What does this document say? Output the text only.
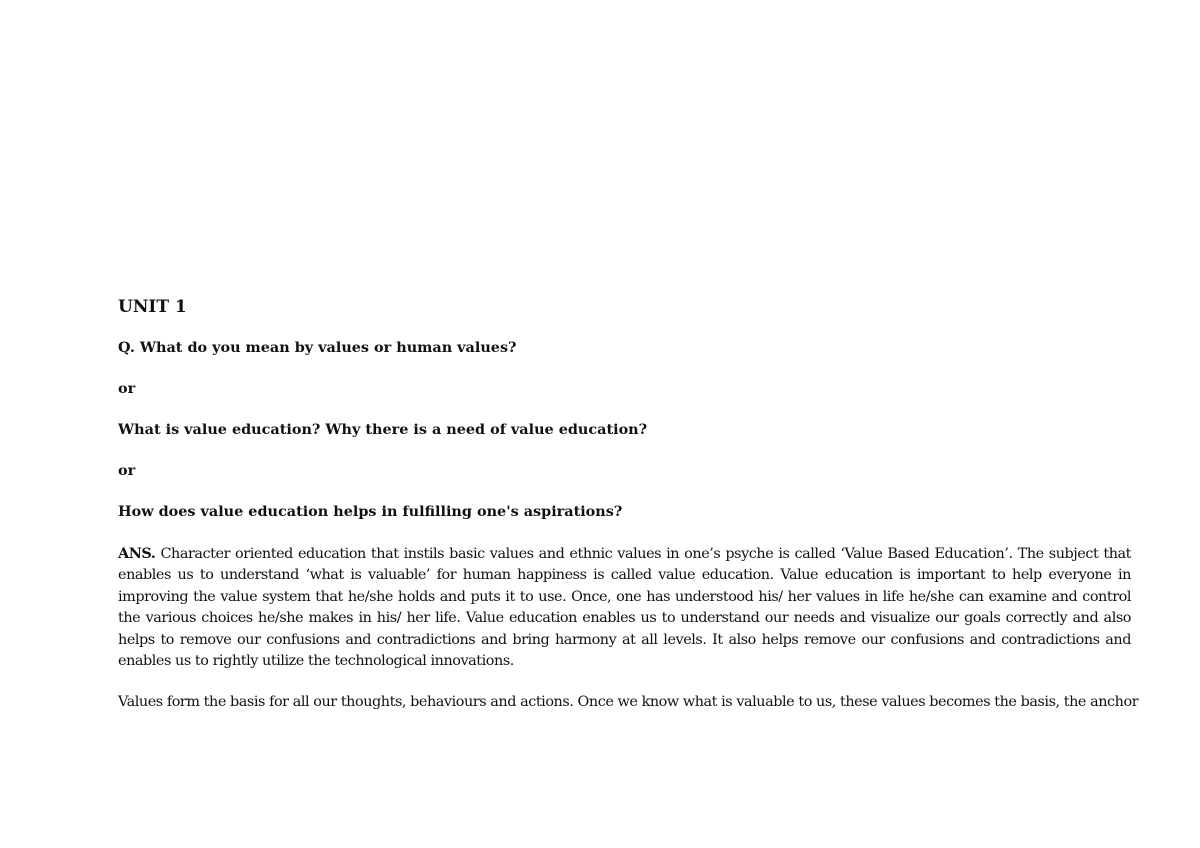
UNIT 1
Q. What do you mean by values or human values?
or
What is value education? Why there is a need of value education?
or
How does value education helps in fulfilling one's aspirations?

ANS. Character oriented education that instils basic values and ethnic values in one’s psyche is called ‘Value Based Education’. The subject that enables us to understand ‘what is valuable’ for human happiness is called value education. Value education is important to help everyone in improving the value system that he/she holds and puts it to use. Once, one has understood his/ her values in life he/she can examine and control the various choices he/she makes in his/ her life. Value education enables us to understand our needs and visualize our goals correctly and also helps to remove our confusions and contradictions and bring harmony at all levels. It also helps remove our confusions and contradictions and enables us to rightly utilize the technological innovations.

Values form the basis for all our thoughts, behaviours and actions. Once we know what is valuable to us, these values becomes the basis, the anchor
